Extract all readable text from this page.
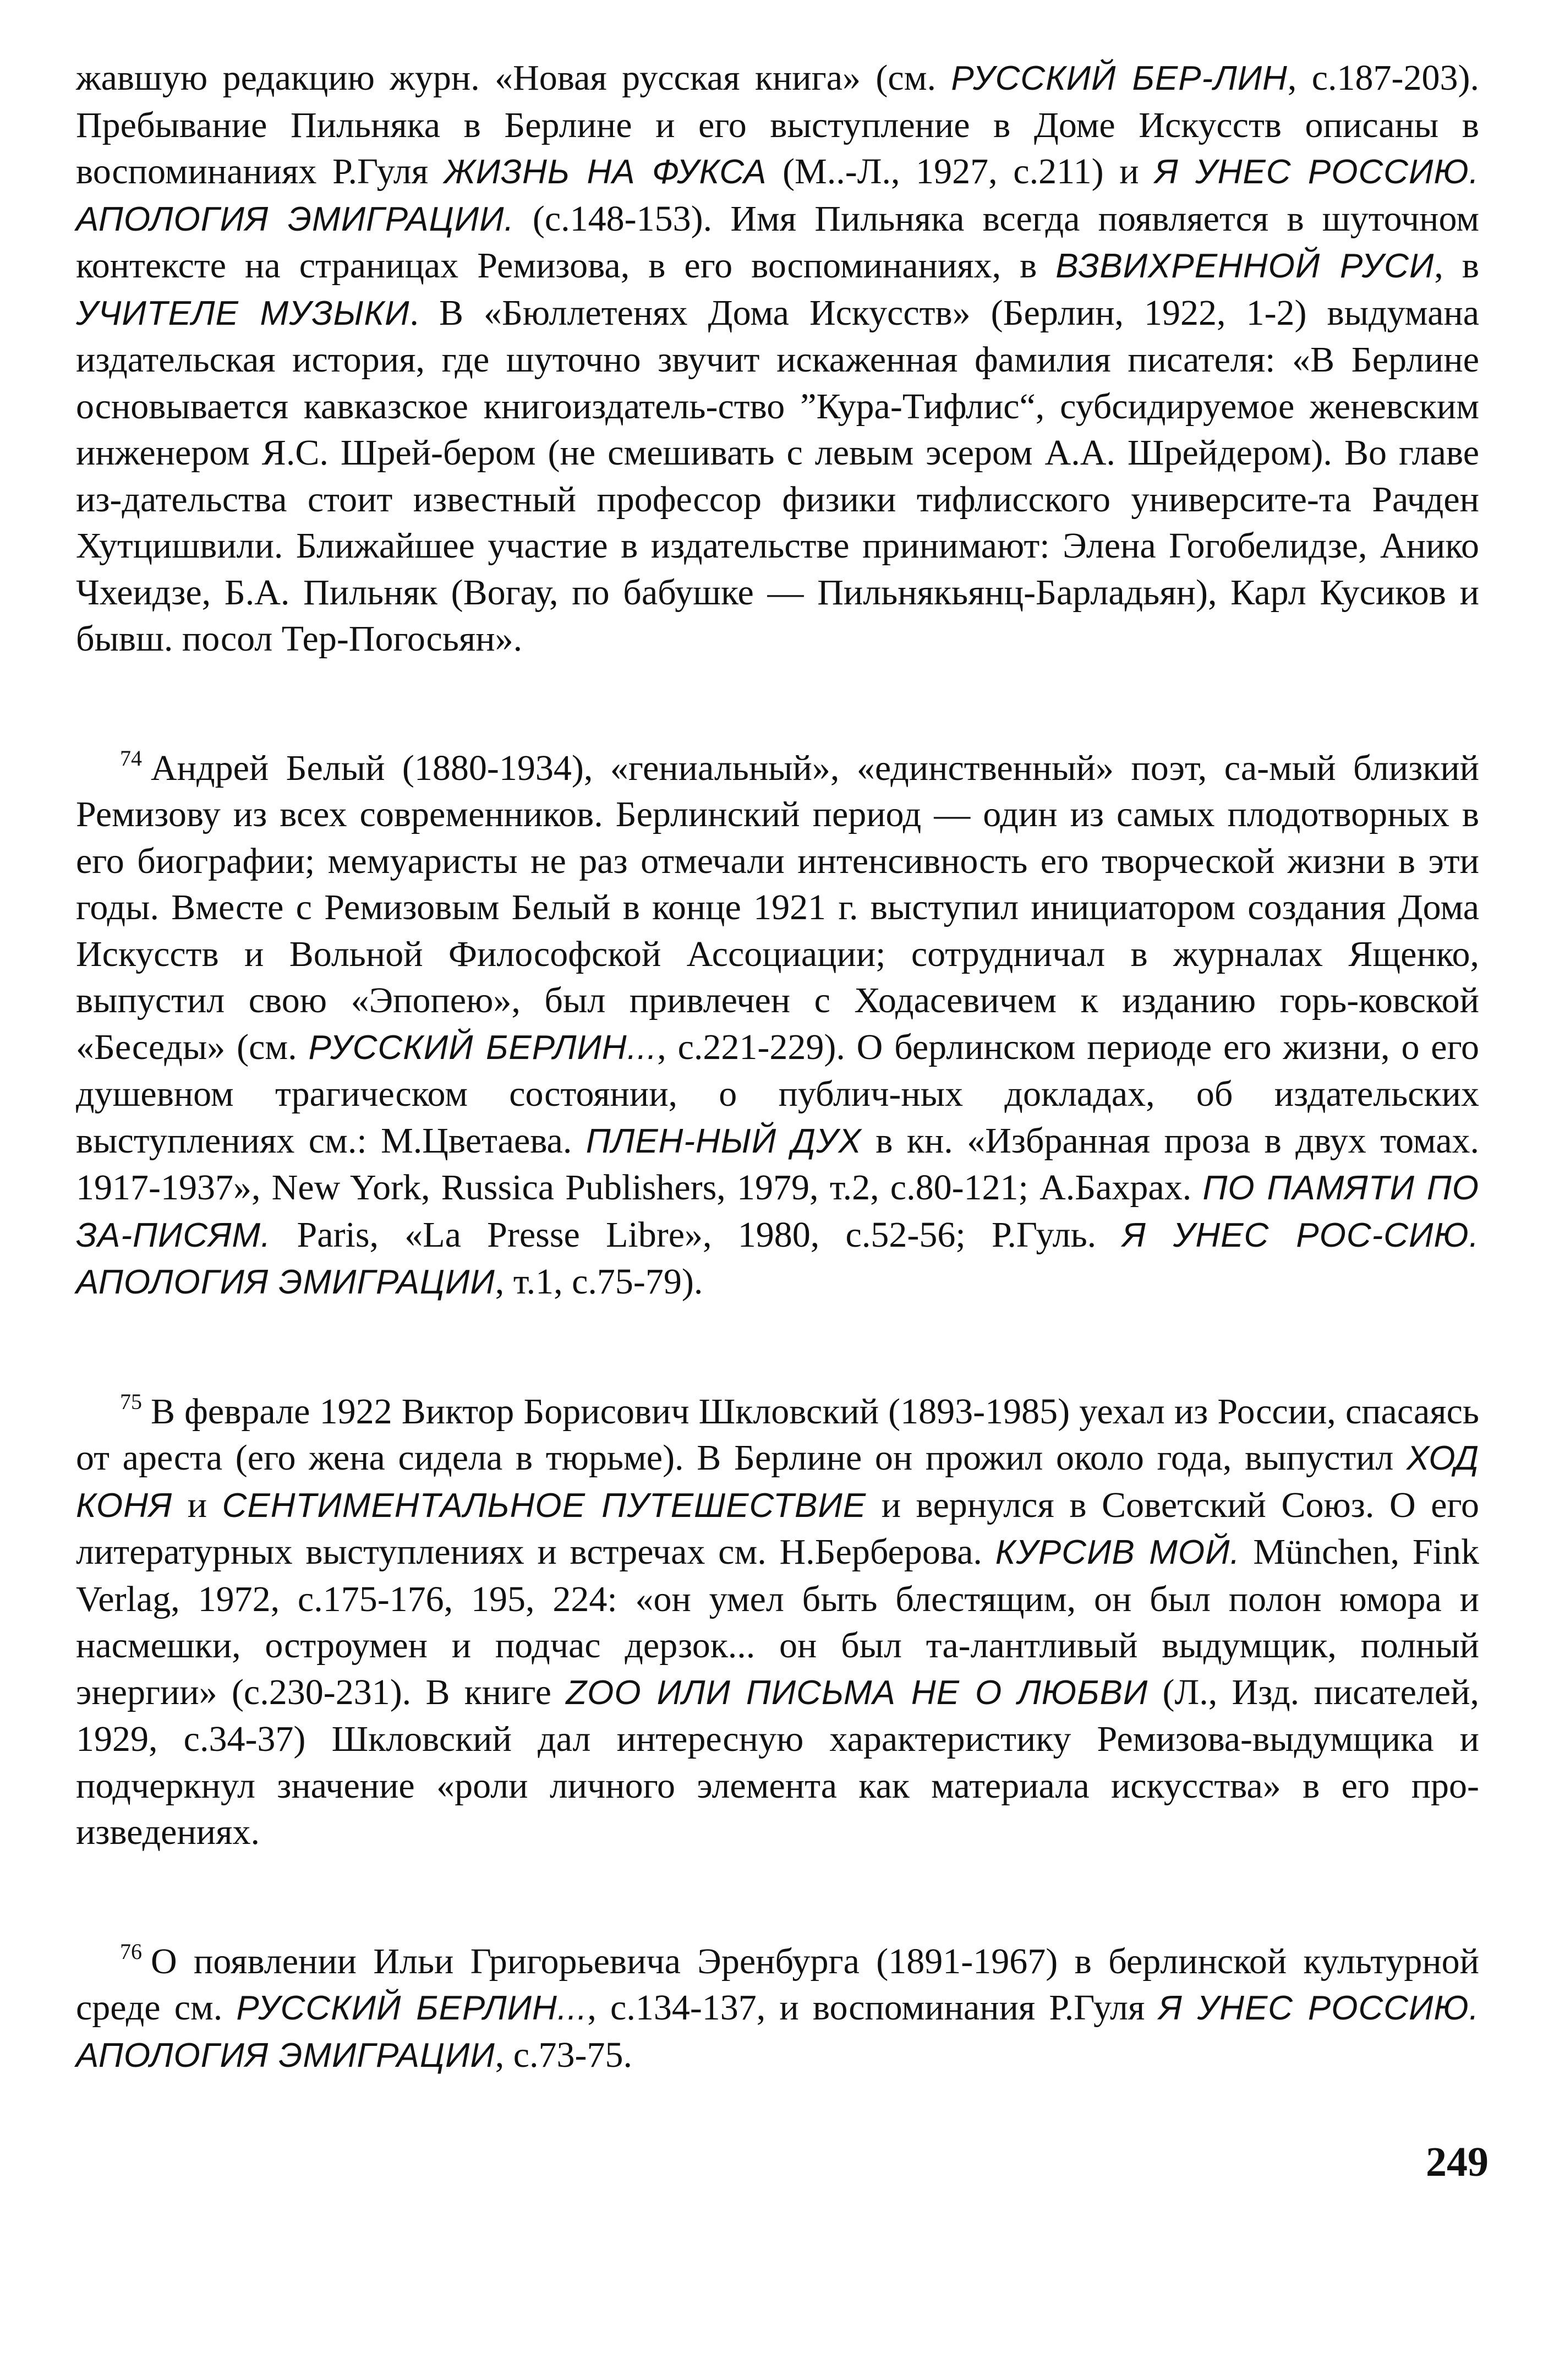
жавшую редакцию журн. «Новая русская книга» (см. РУССКИЙ БЕР-ЛИН, с.187-203). Пребывание Пильняка в Берлине и его выступление в Доме Искусств описаны в воспоминаниях Р.Гуля ЖИЗНЬ НА ФУКСА (М..-Л., 1927, с.211) и Я УНЕС РОССИЮ. АПОЛОГИЯ ЭМИГРАЦИИ. (с.148-153). Имя Пильняка всегда появляется в шуточном контексте на страницах Ремизова, в его воспоминаниях, в ВЗВИХРЕННОЙ РУСИ, в УЧИТЕЛЕ МУЗЫКИ. В «Бюллетенях Дома Искусств» (Берлин, 1922, 1-2) выдумана издательская история, где шуточно звучит искаженная фамилия писателя: «В Берлине основывается кавказское книгоиздатель-ство ”Кура-Тифлис“, субсидируемое женевским инженером Я.С. Шрей-бером (не смешивать с левым эсером А.А. Шрейдером). Во главе из-дательства стоит известный профессор физики тифлисского университе-та Рачден Хутцишвили. Ближайшее участие в издательстве принимают: Элена Гогобелидзе, Анико Чхеидзе, Б.А. Пильняк (Вогау, по бабушке — Пильнякьянц-Барладьян), Карл Кусиков и бывш. посол Тер-Погосьян».

$^{74}$ Андрей Белый (1880-1934), «гениальный», «единственный» поэт, са-мый близкий Ремизову из всех современников. Берлинский период — один из самых плодотворных в его биографии; мемуаристы не раз отмечали интенсивность его творческой жизни в эти годы. Вместе с Ремизовым Белый в конце 1921 г. выступил инициатором создания Дома Искусств и Вольной Философской Ассоциации; сотрудничал в журналах Ященко, выпустил свою «Эпопею», был привлечен с Ходасевичем к изданию горь-ковской «Беседы» (см. РУССКИЙ БЕРЛИН..., с.221-229). О берлинском периоде его жизни, о его душевном трагическом состоянии, о публич-ных докладах, об издательских выступлениях см.: М.Цветаева. ПЛЕН-НЫЙ ДУХ в кн. «Избранная проза в двух томах. 1917-1937», New York, Russica Publishers, 1979, т.2, с.80-121; А.Бахрах. ПО ПАМЯТИ ПО ЗА-ПИСЯМ. Paris, «La Presse Libre», 1980, с.52-56; Р.Гуль. Я УНЕС РОС-СИЮ. АПОЛОГИЯ ЭМИГРАЦИИ, т.1, с.75-79).

$^{75}$ В феврале 1922 Виктор Борисович Шкловский (1893-1985) уехал из России, спасаясь от ареста (его жена сидела в тюрьме). В Берлине он прожил около года, выпустил ХОД КОНЯ и СЕНТИМЕНТАЛЬНОЕ ПУТЕШЕСТВИЕ и вернулся в Советский Союз. О его литературных выступлениях и встречах см. Н.Берберова. КУРСИВ МОЙ. München, Fink Verlag, 1972, с.175-176, 195, 224: «он умел быть блестящим, он был полон юмора и насмешки, остроумен и подчас дерзок... он был та-лантливый выдумщик, полный энергии» (с.230-231). В книге ZOO ИЛИ ПИСЬМА НЕ О ЛЮБВИ (Л., Изд. писателей, 1929, с.34-37) Шкловский дал интересную характеристику Ремизова-выдумщика и подчеркнул значение «роли личного элемента как материала искусства» в его про-изведениях.

$^{76}$ О появлении Ильи Григорьевича Эренбурга (1891-1967) в берлинской культурной среде см. РУССКИЙ БЕРЛИН..., с.134-137, и воспоминания Р.Гуля Я УНЕС РОССИЮ. АПОЛОГИЯ ЭМИГРАЦИИ, с.73-75.

249
